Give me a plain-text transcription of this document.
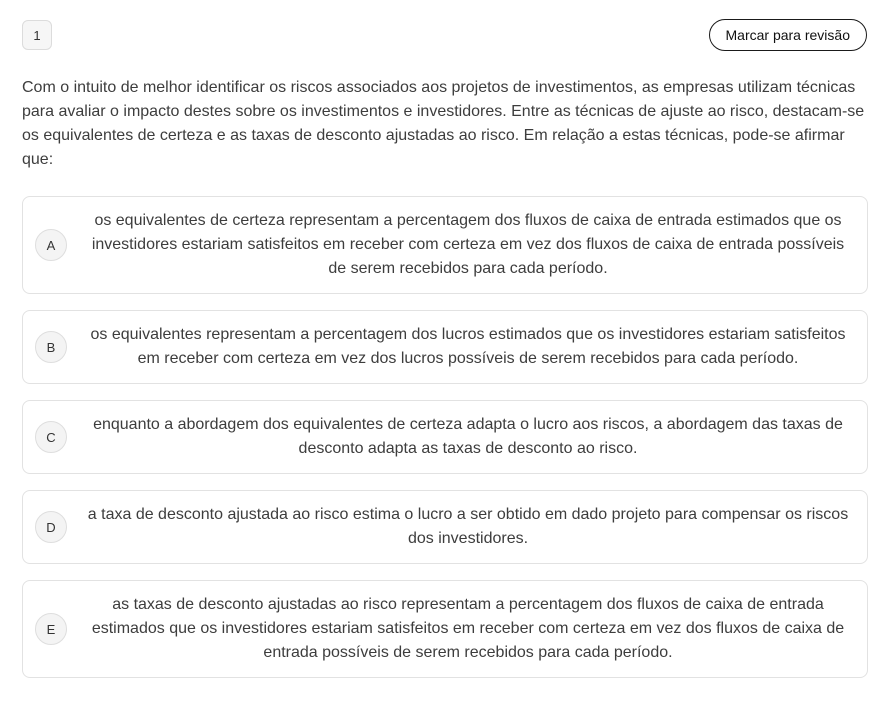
1	Marcar para revisão

Com o intuito de melhor identificar os riscos associados aos projetos de investimentos, as empresas utilizam técnicas para avaliar o impacto destes sobre os investimentos e investidores. Entre as técnicas de ajuste ao risco, destacam-se os equivalentes de certeza e as taxas de desconto ajustadas ao risco. Em relação a estas técnicas, pode-se afirmar que:

A
os equivalentes de certeza representam a percentagem dos fluxos de caixa de entrada estimados que os investidores estariam satisfeitos em receber com certeza em vez dos fluxos de caixa de entrada possíveis de serem recebidos para cada período.
B
os equivalentes representam a percentagem dos lucros estimados que os investidores estariam satisfeitos em receber com certeza em vez dos lucros possíveis de serem recebidos para cada período.
C
enquanto a abordagem dos equivalentes de certeza adapta o lucro aos riscos, a abordagem das taxas de desconto adapta as taxas de desconto ao risco.
D
a taxa de desconto ajustada ao risco estima o lucro a ser obtido em dado projeto para compensar os riscos dos investidores.
E
as taxas de desconto ajustadas ao risco representam a percentagem dos fluxos de caixa de entrada estimados que os investidores estariam satisfeitos em receber com certeza em vez dos fluxos de caixa de entrada possíveis de serem recebidos para cada período.
